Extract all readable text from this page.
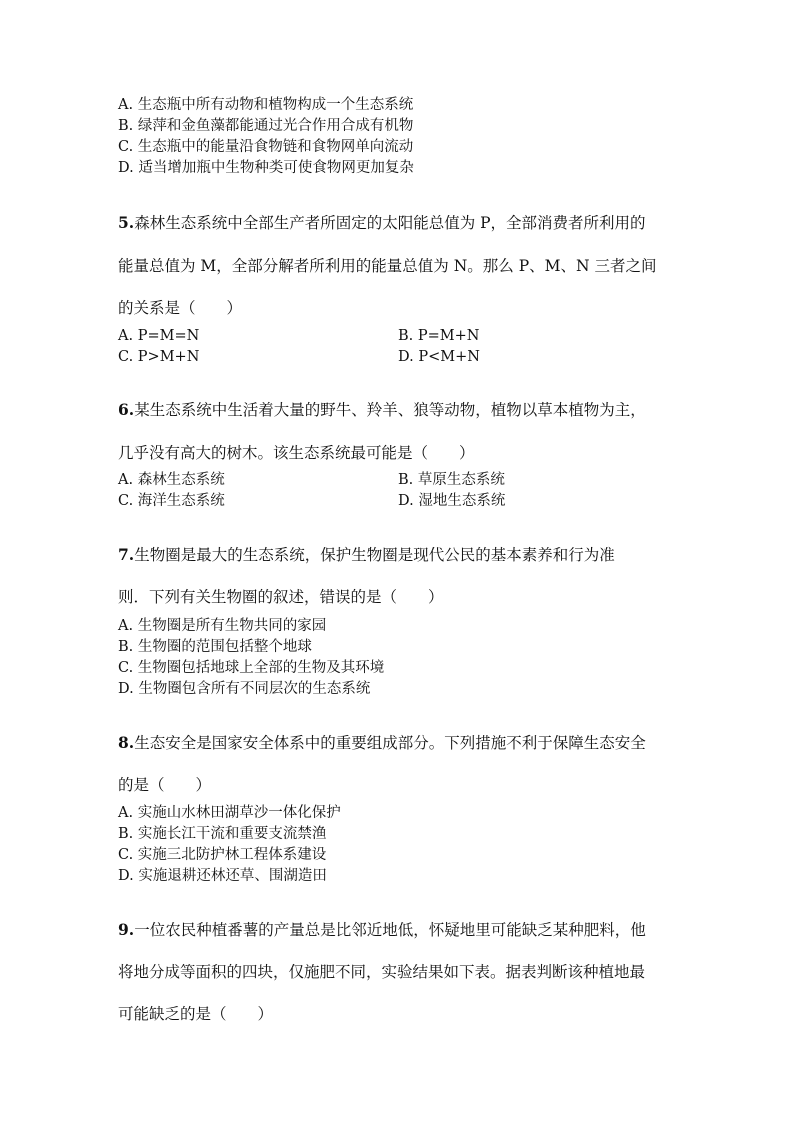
A. 生态瓶中所有动物和植物构成一个生态系统
B. 绿萍和金鱼藻都能通过光合作用合成有机物
C. 生态瓶中的能量沿食物链和食物网单向流动
D. 适当增加瓶中生物种类可使食物网更加复杂
5.森林生态系统中全部生产者所固定的太阳能总值为 P，全部消费者所利用的
能量总值为 M，全部分解者所利用的能量总值为 N。那么 P、M、N 三者之间
的关系是（　　）
A. P=M=N	B. P=M+N
C. P>M+N	D. P<M+N
6.某生态系统中生活着大量的野牛、羚羊、狼等动物，植物以草本植物为主，
几乎没有高大的树木。该生态系统最可能是（　　）
A. 森林生态系统	B. 草原生态系统
C. 海洋生态系统	D. 湿地生态系统
7.生物圈是最大的生态系统，保护生物圈是现代公民的基本素养和行为准
则．下列有关生物圈的叙述，错误的是（　　）
A. 生物圈是所有生物共同的家园
B. 生物圈的范围包括整个地球
C. 生物圈包括地球上全部的生物及其环境
D. 生物圈包含所有不同层次的生态系统
8.生态安全是国家安全体系中的重要组成部分。下列措施不利于保障生态安全
的是（　　）
A. 实施山水林田湖草沙一体化保护
B. 实施长江干流和重要支流禁渔
C. 实施三北防护林工程体系建设
D. 实施退耕还林还草、围湖造田
9.一位农民种植番薯的产量总是比邻近地低，怀疑地里可能缺乏某种肥料，他
将地分成等面积的四块，仅施肥不同，实验结果如下表。据表判断该种植地最
可能缺乏的是（　　）
